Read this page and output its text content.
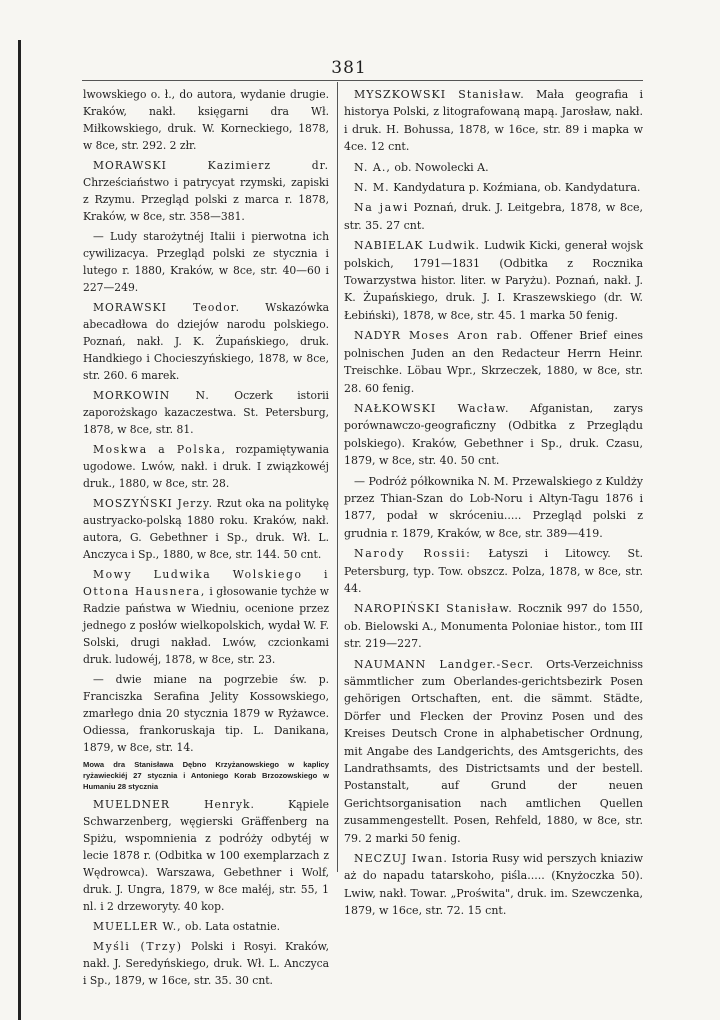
381

lwowskiego o. ł., do autora, wydanie drugie. Kraków, nakł. księgarni dra Wł. Miłkowskiego, druk. W. Korneckiego, 1878, w 8ce, str. 292. 2 złr.

MORAWSKI Kazimierz dr. Chrześciaństwo i patrycyat rzymski, zapiski z Rzymu. Przegląd polski z marca r. 1878, Kraków, w 8ce, str. 358—381.

— Ludy starożytnéj Italii i pierwotna ich cywilizacya. Przegląd polski ze stycznia i lutego r. 1880, Kraków, w 8ce, str. 40—60 i 227—249.

MORAWSKI Teodor. Wskazówka abecadłowa do dziejów narodu polskiego. Poznań, nakł. J. K. Żupańskiego, druk. Handkiego i Chocieszyńskiego, 1878, w 8ce, str. 260. 6 marek.

MORKOWIN N. Oczerk istorii zaporożskago kazaczestwa. St. Petersburg, 1878, w 8ce, str. 81.

Moskwa a Polska, rozpamiętywania ugodowe. Lwów, nakł. i druk. I związkowéj druk., 1880, w 8ce, str. 28.

MOSZYŃSKI Jerzy. Rzut oka na politykę austryacko-polską 1880 roku. Kraków, nakł. autora, G. Gebethner i Sp., druk. Wł. L. Anczyca i Sp., 1880, w 8ce, str. 144. 50 cnt.

Mowy Ludwika Wolskiego i Ottona Hausnera, i głosowanie tychże w Radzie państwa w Wiedniu, ocenione przez jednego z posłów wielkopolskich, wydał W. F. Solski, drugi nakład. Lwów, czcionkami druk. ludowéj, 1878, w 8ce, str. 23.

— dwie miane na pogrzebie św. p. Franciszka Serafina Jelity Kossowskiego, zmarłego dnia 20 stycznia 1879 w Ryżawce. Odiessa, frankoruskaja tip. L. Danikana, 1879, w 8ce, str. 14.

Mowa dra Stanisława Dębno Krzyżanowskiego w kaplicy ryżawieckiéj 27 stycznia i Antoniego Korab Brzozowskiego w Humaniu 28 stycznia

MUELDNER Henryk.	Kąpiele Schwarzenberg, węgierski Gräffenberg na Spiżu, wspomnienia z podróży odbytéj w lecie 1878 r. (Odbitka w 100 exemplarzach z Wędrowca). Warszawa, Gebethner i Wolf, druk. J. Ungra, 1879, w 8ce małéj, str. 55, 1 nl. i 2 drzeworyty. 40 kop.

MUELLER W., ob. Lata ostatnie.

Myśli (Trzy) Polski i Rosyi. Kraków, nakł. J. Seredyńskiego, druk. Wł. L. Anczyca i Sp., 1879, w 16ce, str. 35. 30 cnt.

MYSZKOWSKI Stanisław. Mała geografia i historya Polski, z litografowaną mapą. Jarosław, nakł. i druk. H. Bohussa, 1878, w 16ce, str. 89 i mapka w 4ce. 12 cnt.

N. A., ob. Nowolecki A.

N. M. Kandydatura p. Koźmiana, ob. Kandydatura.

Na jawi Poznań, druk. J. Leitgebra, 1878, w 8ce, str. 35. 27 cnt.

NABIELAK Ludwik. Ludwik Kicki, generał wojsk polskich, 1791—1831 (Odbitka z Rocznika Towarzystwa histor. liter. w Paryżu). Poznań, nakł. J. K. Żupańskiego, druk. J. I. Kraszewskiego (dr. W. Łebiński), 1878, w 8ce, str. 45. 1 marka 50 fenig.

NADYR Moses Aron rab. Offener Brief eines polnischen Juden an den Redacteur Herrn Heinr. Treischke. Löbau Wpr., Skrzeczek, 1880, w 8ce, str. 28. 60 fenig.

NAŁKOWSKI Wacław. Afganistan, zarys porównawczo-geograficzny (Odbitka z Przeglądu polskiego). Kraków, Gebethner i Sp., druk. Czasu, 1879, w 8ce, str. 40. 50 cnt.

— Podróż półkownika N. M. Przewalskiego z Kuldży przez Thian-Szan do Lob-Noru i Altyn-Tagu 1876 i 1877, podał w skróceniu..... Przegląd polski z grudnia r. 1879, Kraków, w 8ce, str. 389—419.

Narody Rossii: Łatyszi i Litowcy. St. Petersburg, typ. Tow. obszcz. Polza, 1878, w 8ce, str. 44.

NAROPIŃSKI Stanisław. Rocznik 997 do 1550, ob. Bielowski A., Monumenta Poloniae histor., tom III str. 219—227.

NAUMANN Landger.-Secr. Orts-Verzeichniss sämmtlicher zum Oberlandes-gerichtsbezirk Posen gehörigen Ortschaften, ent. die sämmt. Städte, Dörfer und Flecken der Provinz Posen und des Kreises Deutsch Crone in alphabetischer Ordnung, mit Angabe des Landgerichts, des Amtsgerichts, des Landrathsamts, des Districtsamts und der bestell. Postanstalt, auf Grund der neuen Gerichtsorganisation nach amtlichen Quellen zusammengestellt. Posen, Rehfeld, 1880, w 8ce, str. 79. 2 marki 50 fenig.

NECZUJ Iwan. Istoria Rusy wid perszych kniaziw aż do napadu tatarskoho, piśla..... (Knyżoczka 50). Lwiw, nakł. Towar. „Proświta", druk. im. Szewczenka, 1879, w 16ce, str. 72. 15 cnt.
